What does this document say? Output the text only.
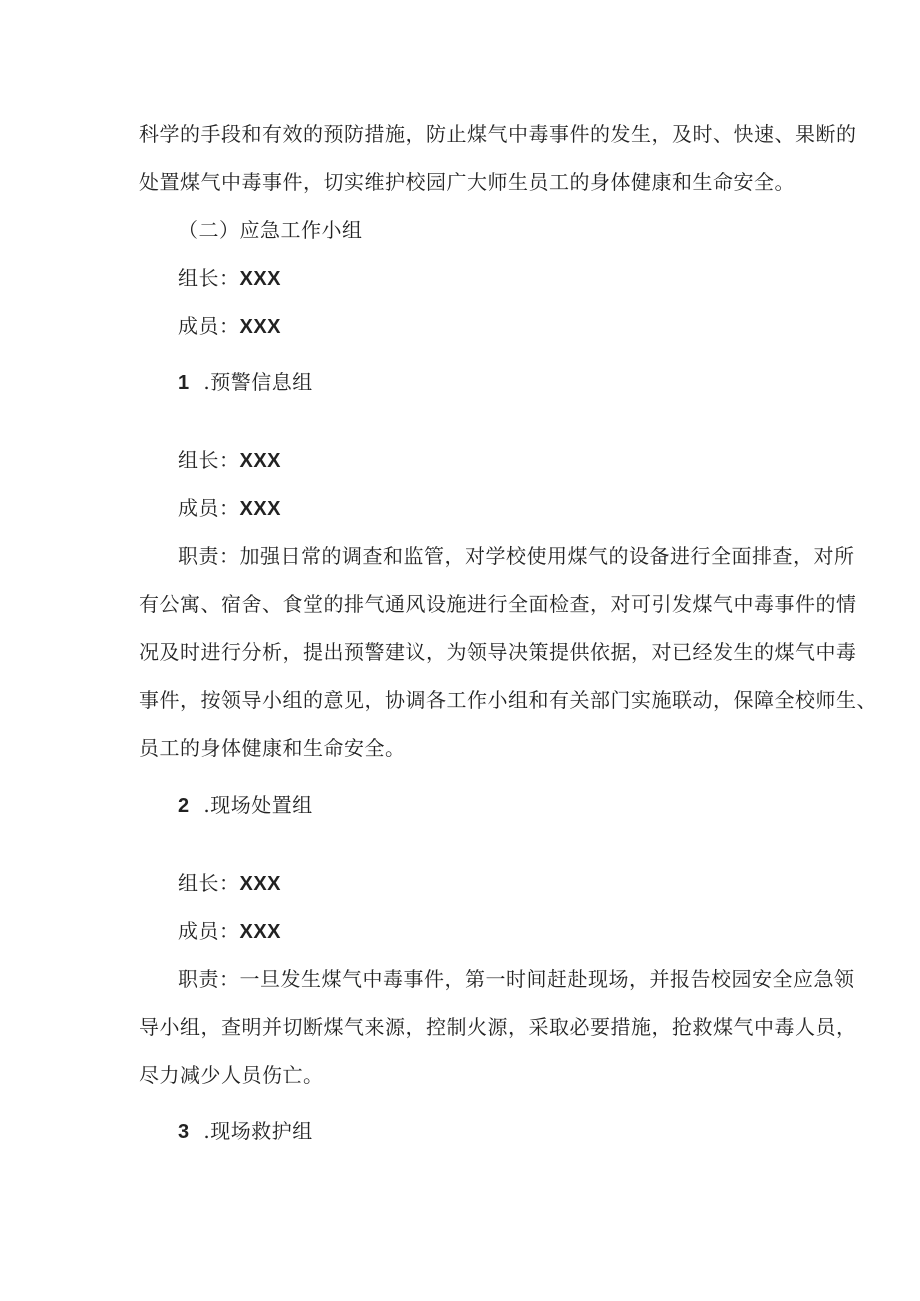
科学的手段和有效的预防措施，防止煤气中毒事件的发生，及时、快速、果断的
处置煤气中毒事件，切实维护校园广大师生员工的身体健康和生命安全。
（二）应急工作小组
组长：XXX
成员：XXX
1 .预警信息组
组长：XXX
成员：XXX
职责：加强日常的调查和监管，对学校使用煤气的设备进行全面排查，对所
有公寓、宿舍、食堂的排气通风设施进行全面检查，对可引发煤气中毒事件的情
况及时进行分析，提出预警建议，为领导决策提供依据，对已经发生的煤气中毒
事件，按领导小组的意见，协调各工作小组和有关部门实施联动，保障全校师生、
员工的身体健康和生命安全。
2 .现场处置组
组长：XXX
成员：XXX
职责：一旦发生煤气中毒事件，第一时间赶赴现场，并报告校园安全应急领
导小组，查明并切断煤气来源，控制火源，采取必要措施，抢救煤气中毒人员，
尽力减少人员伤亡。
3 .现场救护组
